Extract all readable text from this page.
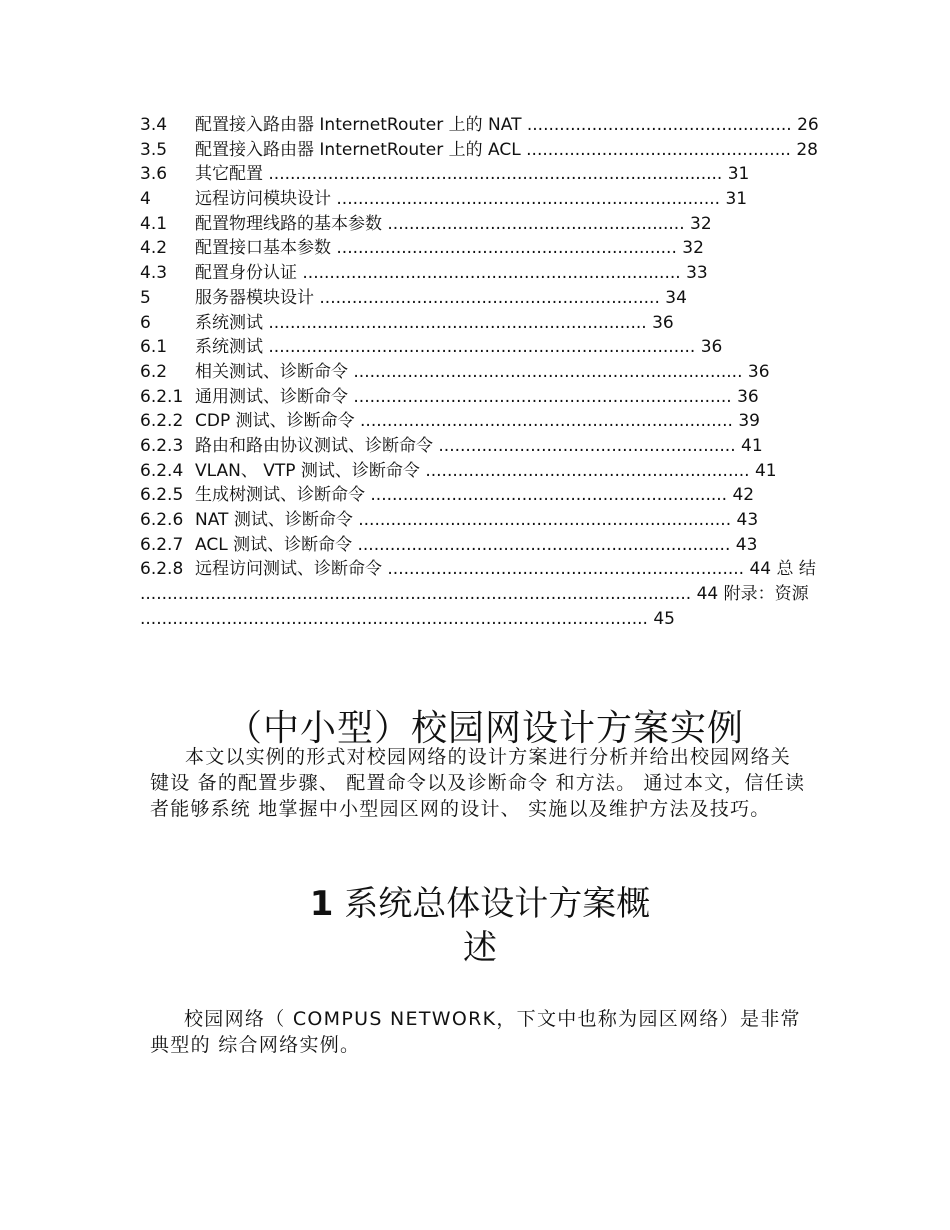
3.4 配置接入路由器 InternetRouter 上的 NAT ................................................. 26
3.5 配置接入路由器 InternetRouter 上的 ACL ................................................. 28
3.6 其它配置 .................................................................................... 31
4	远程访问模块设计 ....................................................................... 31
4.1 配置物理线路的基本参数 ....................................................... 32
4.2 配置接口基本参数 ............................................................... 32
4.3 配置身份认证 ...................................................................... 33
5	服务器模块设计 ............................................................... 34
6	系统测试 ...................................................................... 36
6.1 系统测试 ............................................................................... 36
6.2 相关测试、诊断命令 ........................................................................ 36
6.2.1 通用测试、诊断命令 ...................................................................... 36
6.2.2 CDP 测试、诊断命令 ..................................................................... 39
6.2.3 路由和路由协议测试、诊断命令 ....................................................... 41
6.2.4 VLAN、 VTP 测试、诊断命令 ............................................................ 41
6.2.5 生成树测试、诊断命令 .................................................................. 42
6.2.6 NAT 测试、诊断命令 ..................................................................... 43
6.2.7 ACL 测试、诊断命令 ..................................................................... 43
6.2.8 远程访问测试、诊断命令 .................................................................. 44 总 结
...................................................................................................... 44 附录：资源
.............................................................................................. 45
（中小型）校园网设计方案实例
本文以实例的形式对校园网络的设计方案进行分析并给出校园网络关键设 备的配置步骤、 配置命令以及诊断命令 和方法。 通过本文，信任读者能够系统 地掌握中小型园区网的设计、 实施以及维护方法及技巧。
1 系统总体设计方案概
述
校园网络（ COMPUS NETWORK，下文中也称为园区网络）是非常典型的 综合网络实例。
